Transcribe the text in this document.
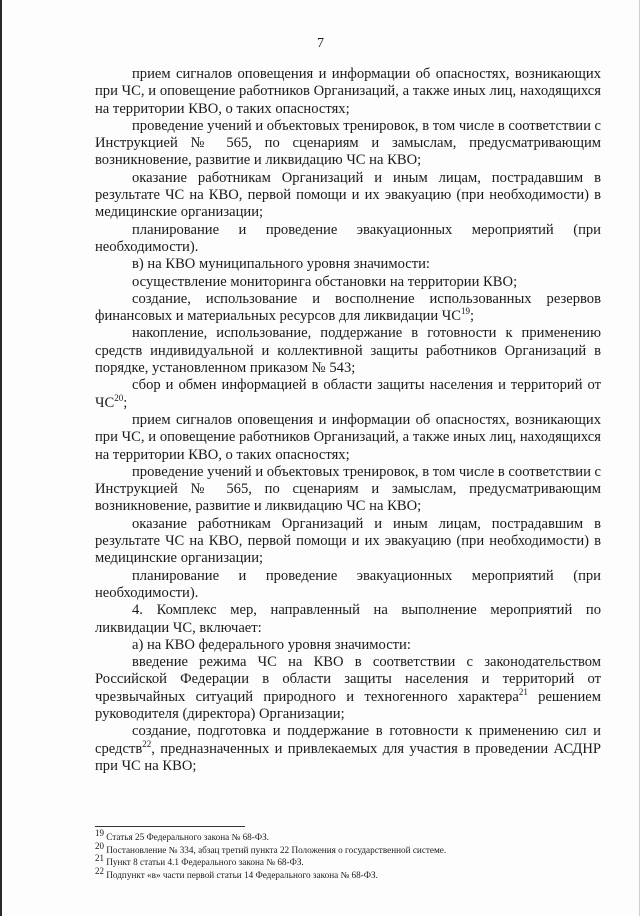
7

прием сигналов оповещения и информации об опасностях, возникающих при ЧС, и оповещение работников Организаций, а также иных лиц, находящихся на территории КВО, о таких опасностях;

проведение учений и объектовых тренировок, в том числе в соответствии с Инструкцией № 565, по сценариям и замыслам, предусматривающим возникновение, развитие и ликвидацию ЧС на КВО;

оказание работникам Организаций и иным лицам, пострадавшим в результате ЧС на КВО, первой помощи и их эвакуацию (при необходимости) в медицинские организации;

планирование и проведение эвакуационных мероприятий (при необходимости).

в) на КВО муниципального уровня значимости:

осуществление мониторинга обстановки на территории КВО;

создание, использование и восполнение использованных резервов финансовых и материальных ресурсов для ликвидации ЧС$^{19}$;

накопление, использование, поддержание в готовности к применению средств индивидуальной и коллективной защиты работников Организаций в порядке, установленном приказом № 543;

сбор и обмен информацией в области защиты населения и территорий от ЧС$^{20}$;

прием сигналов оповещения и информации об опасностях, возникающих при ЧС, и оповещение работников Организаций, а также иных лиц, находящихся на территории КВО, о таких опасностях;

проведение учений и объектовых тренировок, в том числе в соответствии с Инструкцией № 565, по сценариям и замыслам, предусматривающим возникновение, развитие и ликвидацию ЧС на КВО;

оказание работникам Организаций и иным лицам, пострадавшим в результате ЧС на КВО, первой помощи и их эвакуацию (при необходимости) в медицинские организации;

планирование и проведение эвакуационных мероприятий (при необходимости).

4. Комплекс мер, направленный на выполнение мероприятий по ликвидации ЧС, включает:

а) на КВО федерального уровня значимости:

введение режима ЧС на КВО в соответствии с законодательством Российской Федерации в области защиты населения и территорий от чрезвычайных ситуаций природного и техногенного характера$^{21}$ решением руководителя (директора) Организации;

создание, подготовка и поддержание в готовности к применению сил и средств$^{22}$, предназначенных и привлекаемых для участия в проведении АСДНР при ЧС на КВО;

$^{19}$ Статья 25 Федерального закона № 68-ФЗ.
$^{20}$ Постановление № 334, абзац третий пункта 22 Положения о государственной системе.
$^{21}$ Пункт 8 статьи 4.1 Федерального закона № 68-ФЗ.
$^{22}$ Подпункт «в» части первой статьи 14 Федерального закона № 68-ФЗ.
